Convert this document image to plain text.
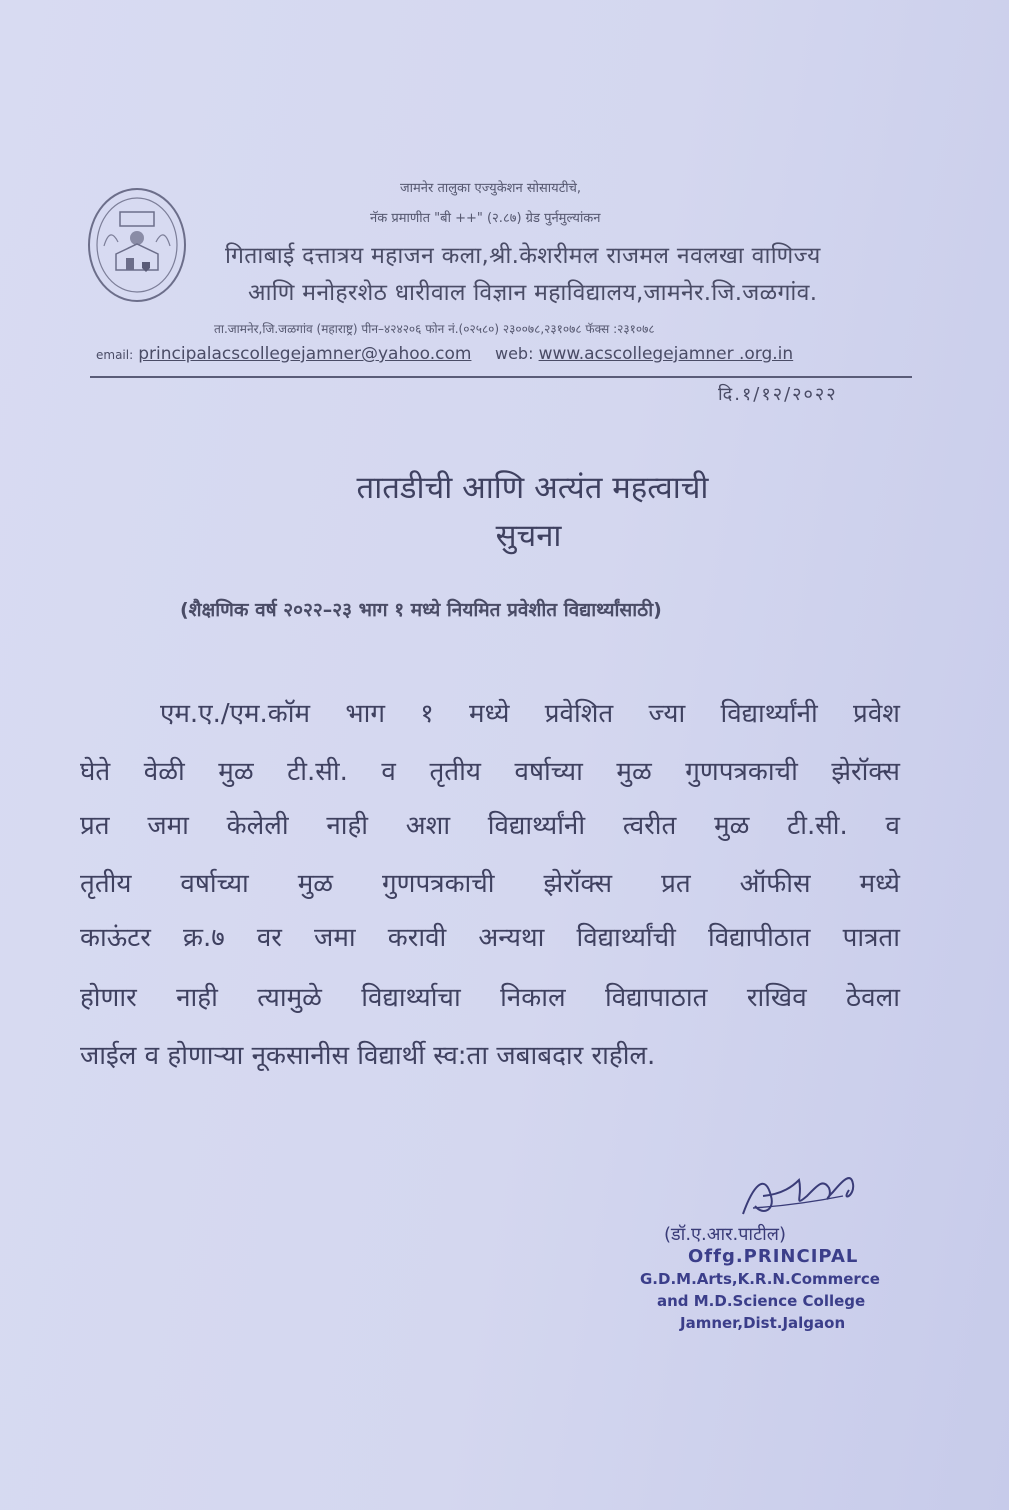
जामनेर तालुका एज्युकेशन सोसायटीचे,
नॅक प्रमाणीत "बी ++" (२.८७) ग्रेड पुर्नमुल्यांकन
गिताबाई दत्तात्रय महाजन कला,श्री.केशरीमल राजमल नवलखा वाणिज्य
आणि मनोहरशेठ धारीवाल विज्ञान महाविद्यालय,जामनेर.जि.जळगांव.
ता.जामनेर,जि.जळगांव (महाराष्ट्र) पीन–४२४२०६ फोन नं.(०२५८०) २३००७८,२३१०७८ फॅक्स :२३१०७८
email: principalacscollegejamner@yahoo.com web: www.acscollegejamner .org.in
दि.१/१२/२०२२
तातडीची आणि अत्यंत महत्वाची
सुचना
(शैक्षणिक वर्ष २०२२–२३ भाग १ मध्ये नियमित प्रवेशीत विद्यार्थ्यांसाठी)
एम.ए./एम.कॉम भाग १ मध्ये प्रवेशित ज्या विद्यार्थ्यांनी प्रवेश
घेते वेळी मुळ टी.सी. व तृतीय वर्षाच्या मुळ गुणपत्रकाची झेरॉक्स
प्रत जमा केलेली नाही अशा विद्यार्थ्यांनी त्वरीत मुळ टी.सी. व
तृतीय वर्षाच्या मुळ गुणपत्रकाची झेरॉक्स प्रत ऑफीस मध्ये
काऊंटर क्र.७ वर जमा करावी अन्यथा विद्यार्थ्यांची विद्यापीठात पात्रता
होणार नाही त्यामुळे विद्यार्थ्याचा निकाल विद्यापाठात राखिव ठेवला
जाईल व होणाऱ्या नूकसानीस विद्यार्थी स्व:ता जबाबदार राहील.
(डॉ.ए.आर.पाटील)
Offg.PRINCIPAL
G.D.M.Arts,K.R.N.Commerce
and M.D.Science College
Jamner,Dist.Jalgaon
